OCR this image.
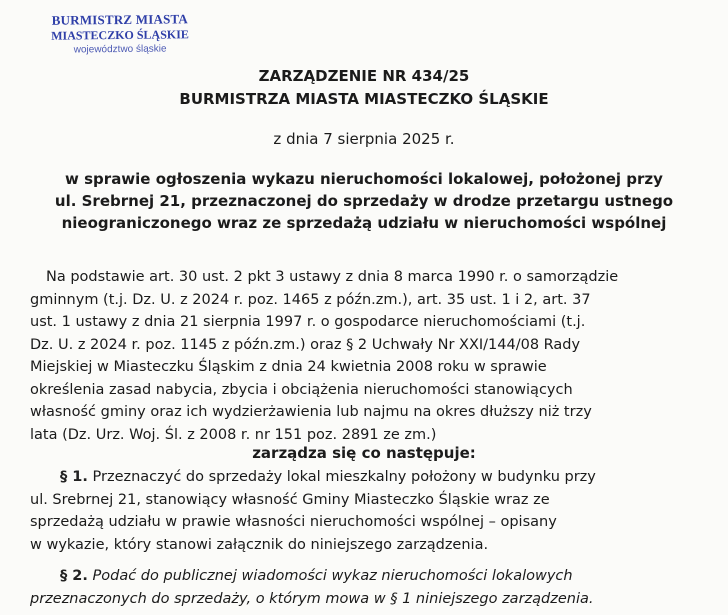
BURMISTRZ MIASTA
MIASTECZKO ŚLĄSKIE
województwo śląskie
ZARZĄDZENIE NR 434/25
BURMISTRZA MIASTA MIASTECZKO ŚLĄSKIE
z dnia 7 sierpnia 2025 r.
w sprawie ogłoszenia wykazu nieruchomości lokalowej, położonej przy
ul. Srebrnej 21, przeznaczonej do sprzedaży w drodze przetargu ustnego
nieograniczonego wraz ze sprzedażą udziału w nieruchomości wspólnej
Na podstawie art. 30 ust. 2 pkt 3 ustawy z dnia 8 marca 1990 r. o samorządzie
gminnym (t.j. Dz. U. z 2024 r. poz. 1465 z późn.zm.), art. 35 ust. 1 i 2, art. 37
ust. 1 ustawy z dnia 21 sierpnia 1997 r. o gospodarce nieruchomościami (t.j.
Dz. U. z 2024 r. poz. 1145 z późn.zm.) oraz § 2 Uchwały Nr XXI/144/08 Rady
Miejskiej w Miasteczku Śląskim z dnia 24 kwietnia 2008 roku w sprawie
określenia zasad nabycia, zbycia i obciążenia nieruchomości stanowiących
własność gminy oraz ich wydzierżawienia lub najmu na okres dłuższy niż trzy
lata (Dz. Urz. Woj. Śl. z 2008 r. nr 151 poz. 2891 ze zm.)
zarządza się co następuje:
§ 1. Przeznaczyć do sprzedaży lokal mieszkalny położony w budynku przy
ul. Srebrnej 21, stanowiący własność Gminy Miasteczko Śląskie wraz ze
sprzedażą udziału w prawie własności nieruchomości wspólnej – opisany
w wykazie, który stanowi załącznik do niniejszego zarządzenia.
§ 2. Podać do publicznej wiadomości wykaz nieruchomości lokalowych
przeznaczonych do sprzedaży, o którym mowa w § 1 niniejszego zarządzenia.
